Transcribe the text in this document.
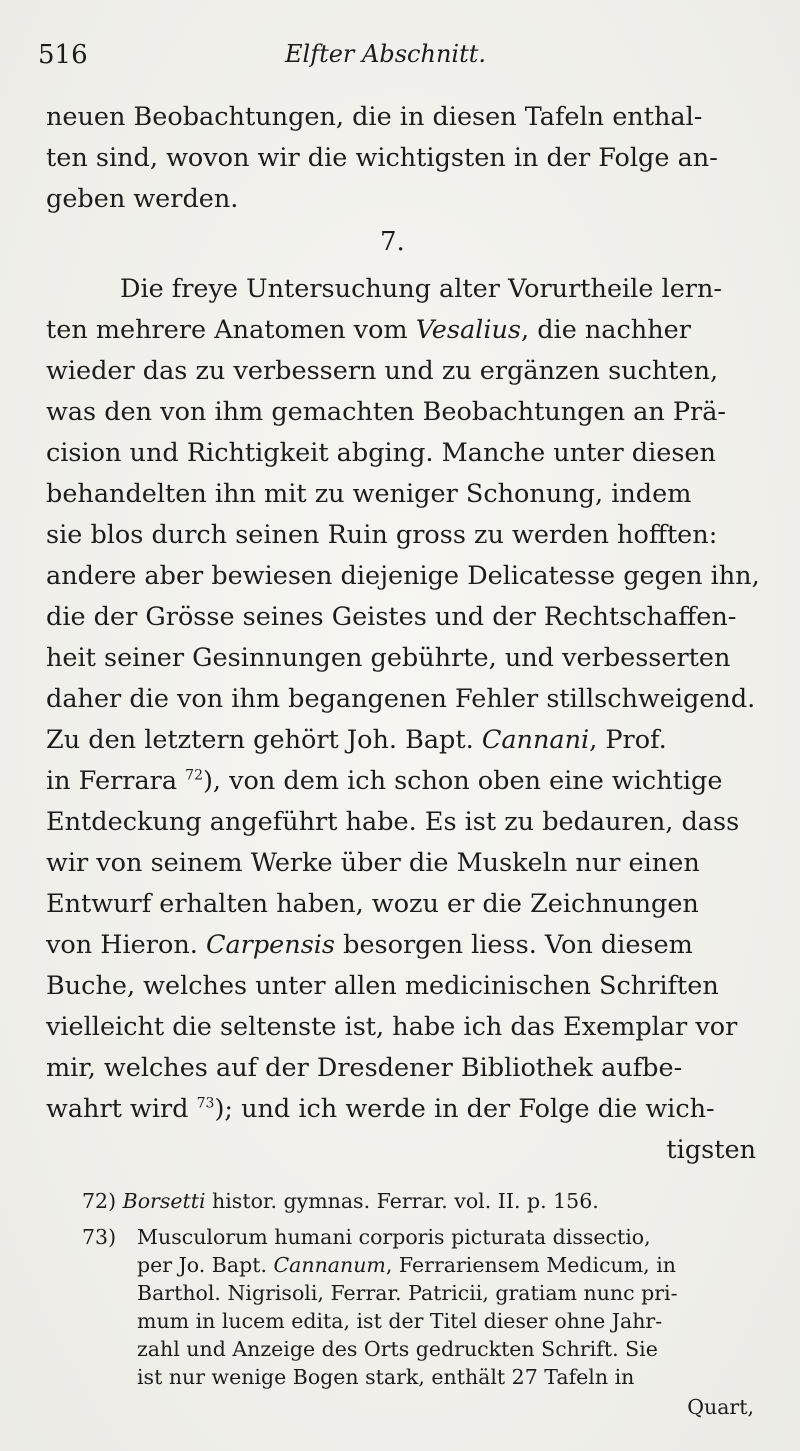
516	Elfter Abschnitt.
neuen Beobachtungen, die in diesen Tafeln enthal-
ten sind, wovon wir die wichtigsten in der Folge an-
geben werden.
7.
Die freye Untersuchung alter Vorurtheile lern-
ten mehrere Anatomen vom Vesalius, die nachher
wieder das zu verbessern und zu ergänzen suchten,
was den von ihm gemachten Beobachtungen an Prä-
cision und Richtigkeit abging. Manche unter diesen
behandelten ihn mit zu weniger Schonung, indem
sie blos durch seinen Ruin gross zu werden hofften:
andere aber bewiesen diejenige Delicatesse gegen ihn,
die der Grösse seines Geistes und der Rechtschaffen-
heit seiner Gesinnungen gebührte, und verbesserten
daher die von ihm begangenen Fehler stillschweigend.
Zu den letztern gehört Joh. Bapt. Cannani, Prof.
in Ferrara $^{72}$), von dem ich schon oben eine wichtige
Entdeckung angeführt habe. Es ist zu bedauren, dass
wir von seinem Werke über die Muskeln nur einen
Entwurf erhalten haben, wozu er die Zeichnungen
von Hieron. Carpensis besorgen liess. Von diesem
Buche, welches unter allen medicinischen Schriften
vielleicht die seltenste ist, habe ich das Exemplar vor
mir, welches auf der Dresdener Bibliothek aufbe-
wahrt wird $^{73}$); und ich werde in der Folge die wich-
tigsten
72) Borsetti histor. gymnas. Ferrar. vol. II. p. 156.
73) Musculorum humani corporis picturata dissectio,
per Jo. Bapt. Cannanum, Ferrariensem Medicum, in
Barthol. Nigrisoli, Ferrar. Patricii, gratiam nunc pri-
mum in lucem edita, ist der Titel dieser ohne Jahr-
zahl und Anzeige des Orts gedruckten Schrift. Sie
ist nur wenige Bogen stark, enthält 27 Tafeln in
Quart,
